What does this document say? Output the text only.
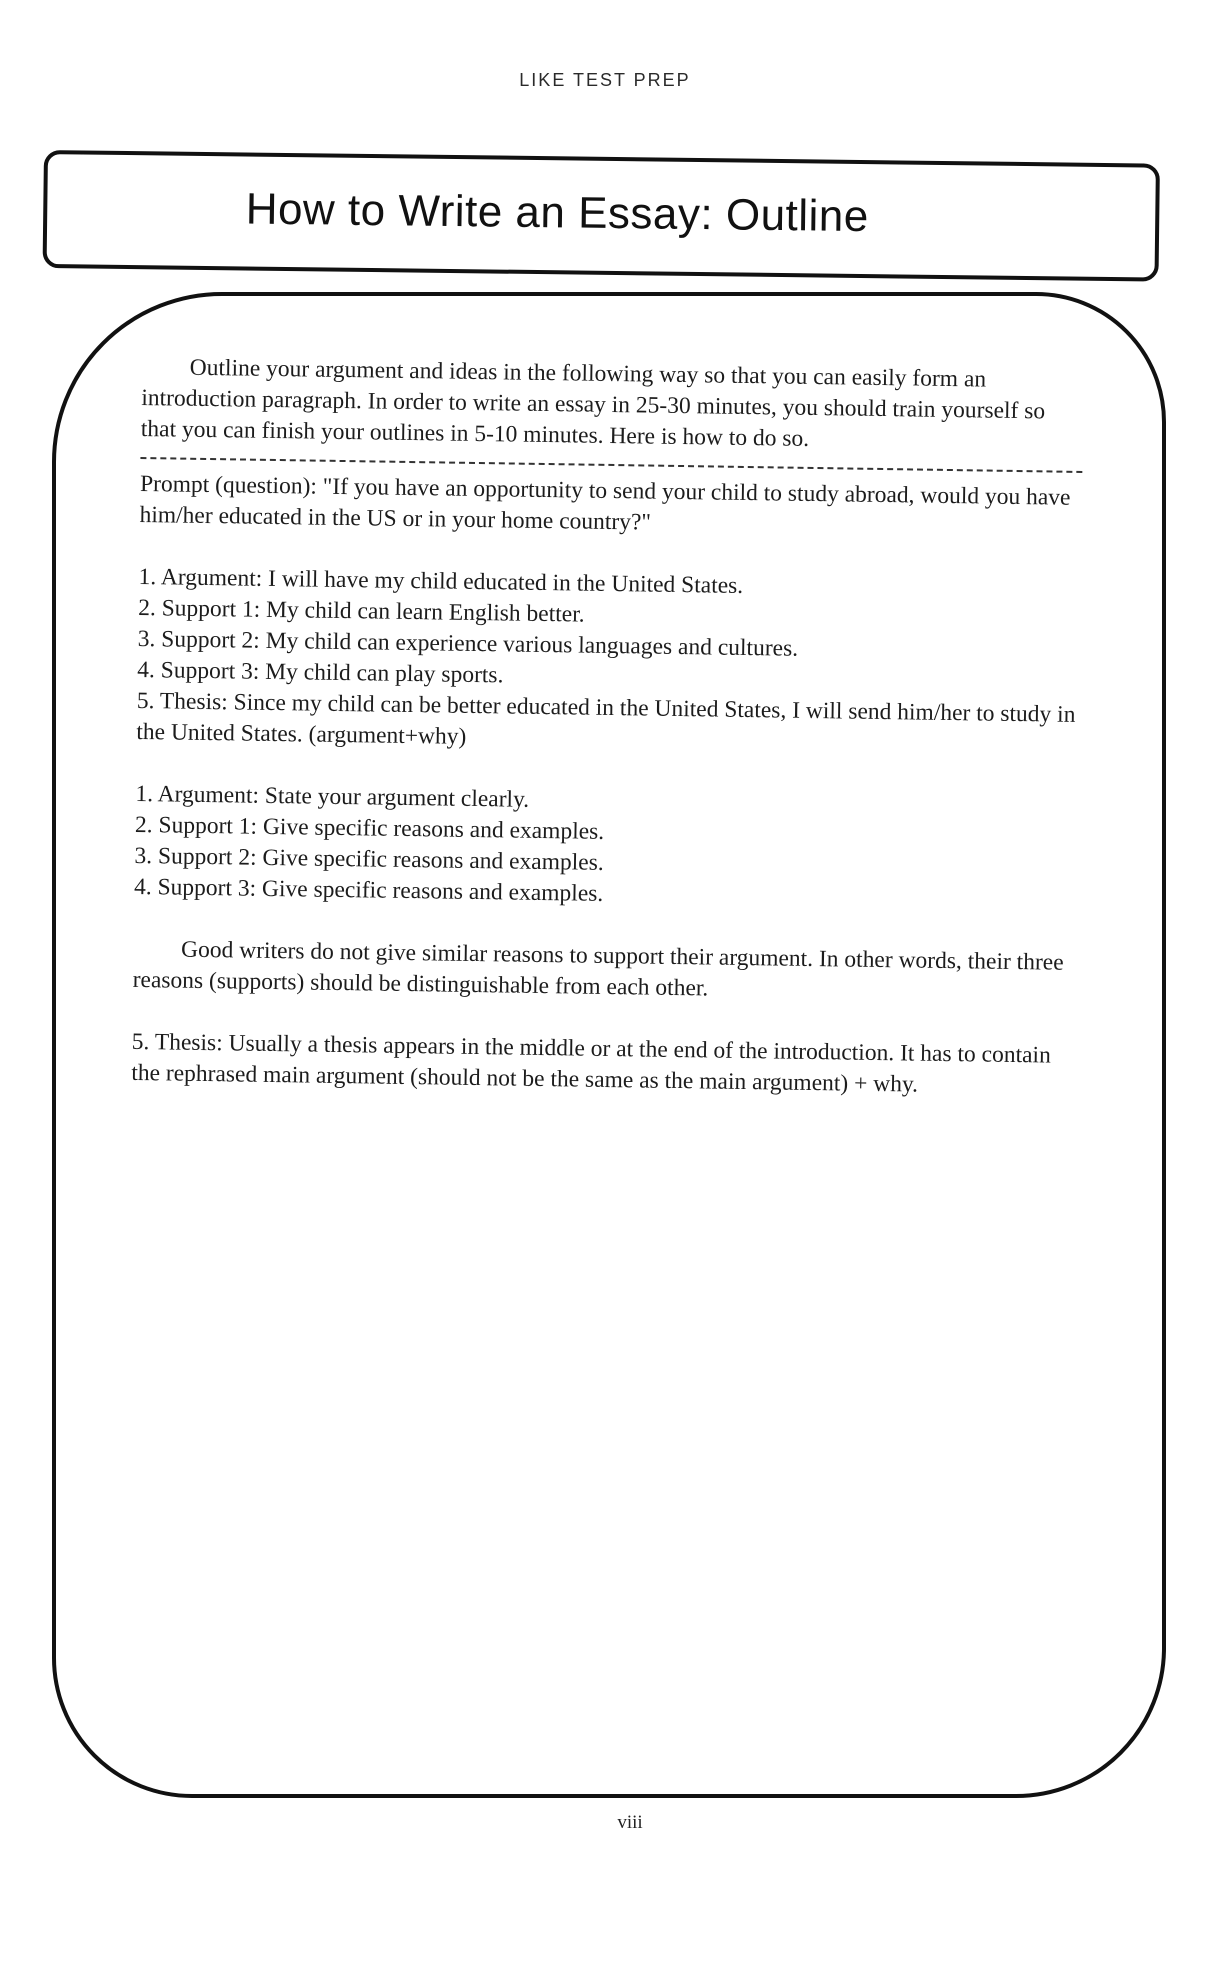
LIKE TEST PREP
How to Write an Essay: Outline

Outline your argument and ideas in the following way so that you can easily form an introduction paragraph. In order to write an essay in 25-30 minutes, you should train yourself so that you can finish your outlines in 5-10 minutes. Here is how to do so.

Prompt (question): "If you have an opportunity to send your child to study abroad, would you have him/her educated in the US or in your home country?"

1. Argument: I will have my child educated in the United States.

2. Support 1: My child can learn English better.

3. Support 2: My child can experience various languages and cultures.

4. Support 3: My child can play sports.

5. Thesis: Since my child can be better educated in the United States, I will send him/her to study in the United States. (argument+why)

1. Argument: State your argument clearly.

2. Support 1: Give specific reasons and examples.

3. Support 2: Give specific reasons and examples.

4. Support 3: Give specific reasons and examples.

Good writers do not give similar reasons to support their argument. In other words, their three reasons (supports) should be distinguishable from each other.

5. Thesis: Usually a thesis appears in the middle or at the end of the introduction. It has to contain the rephrased main argument (should not be the same as the main argument) + why.

viii
